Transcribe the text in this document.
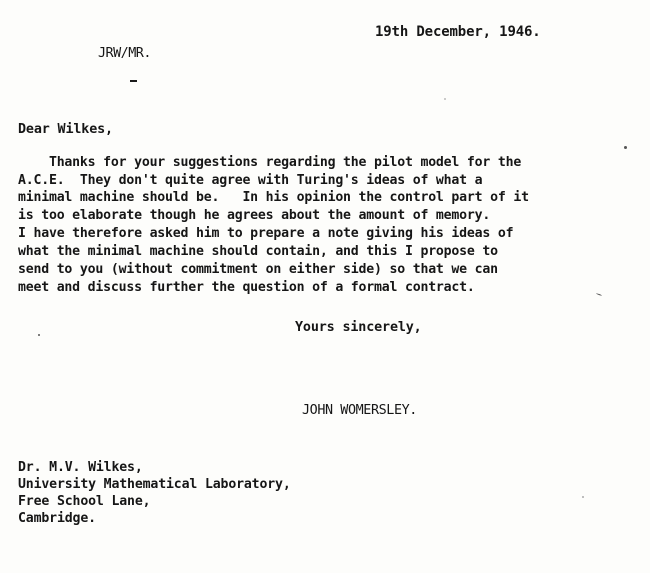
19th December, 1946.
JRW/MR.
Dear Wilkes,
Thanks for your suggestions regarding the pilot model for the
A.C.E.  They don't quite agree with Turing's ideas of what a
minimal machine should be.   In his opinion the control part of it
is too elaborate though he agrees about the amount of memory.
I have therefore asked him to prepare a note giving his ideas of
what the minimal machine should contain, and this I propose to
send to you (without commitment on either side) so that we can
meet and discuss further the question of a formal contract.
Yours sincerely,
JOHN WOMERSLEY.
Dr. M.V. Wilkes,
University Mathematical Laboratory,
Free School Lane,
Cambridge.
